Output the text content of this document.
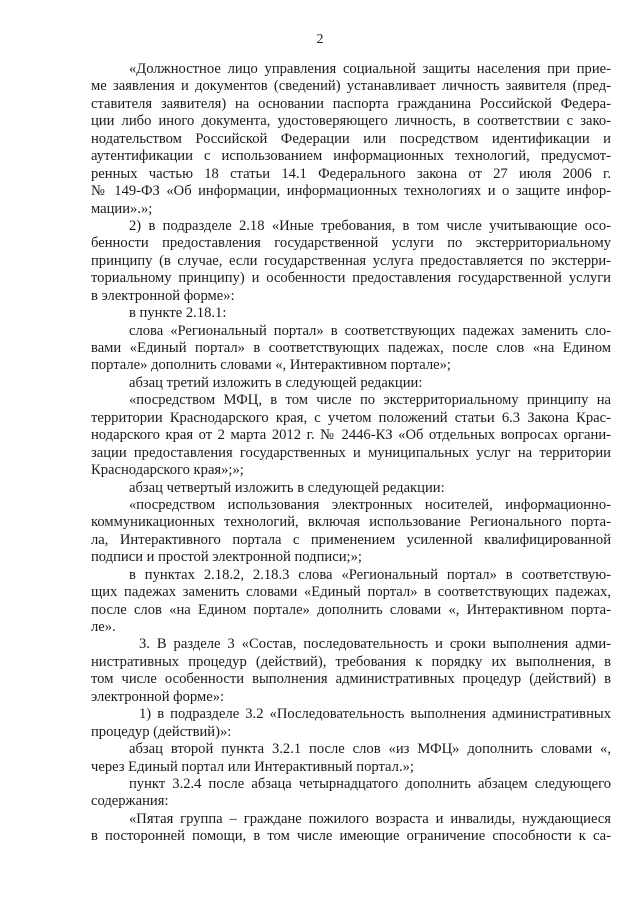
2
«Должностное лицо управления социальной защиты населения при прие-
ме заявления и документов (сведений) устанавливает личность заявителя (пред-
ставителя заявителя) на основании паспорта гражданина Российской Федера-
ции либо иного документа, удостоверяющего личность, в соответствии с зако-
нодательством Российской Федерации или посредством идентификации и
аутентификации с использованием информационных технологий, предусмот-
ренных частью 18 статьи 14.1 Федерального закона от 27 июля 2006 г.
№ 149-ФЗ «Об информации, информационных технологиях и о защите инфор-
мации».»;
2) в подразделе 2.18 «Иные требования, в том числе учитывающие осо-
бенности предоставления государственной услуги по экстерриториальному
принципу (в случае, если государственная услуга предоставляется по экстерри-
ториальному принципу) и особенности предоставления государственной услуги
в электронной форме»:
в пункте 2.18.1:
слова «Региональный портал» в соответствующих падежах заменить сло-
вами «Единый портал» в соответствующих падежах, после слов «на Едином
портале» дополнить словами «, Интерактивном портале»;
абзац третий изложить в следующей редакции:
«посредством МФЦ, в том числе по экстерриториальному принципу на
территории Краснодарского края, с учетом положений статьи 6.3 Закона Крас-
нодарского края от 2 марта 2012 г. № 2446-КЗ «Об отдельных вопросах органи-
зации предоставления государственных и муниципальных услуг на территории
Краснодарского края»;»;
абзац четвертый изложить в следующей редакции:
«посредством использования электронных носителей, информационно-
коммуникационных технологий, включая использование Регионального порта-
ла, Интерактивного портала с применением усиленной квалифицированной
подписи и простой электронной подписи;»;
в пунктах 2.18.2, 2.18.3 слова «Региональный портал» в соответствую-
щих падежах заменить словами «Единый портал» в соответствующих падежах,
после слов «на Едином портале» дополнить словами «, Интерактивном порта-
ле».
3. В разделе 3 «Состав, последовательность и сроки выполнения адми-
нистративных процедур (действий), требования к порядку их выполнения, в
том числе особенности выполнения административных процедур (действий) в
электронной форме»:
1) в подразделе 3.2 «Последовательность выполнения административных
процедур (действий)»:
абзац второй пункта 3.2.1 после слов «из МФЦ» дополнить словами «,
через Единый портал или Интерактивный портал.»;
пункт 3.2.4 после абзаца четырнадцатого дополнить абзацем следующего
содержания:
«Пятая группа – граждане пожилого возраста и инвалиды, нуждающиеся
в посторонней помощи, в том числе имеющие ограничение способности к са-
